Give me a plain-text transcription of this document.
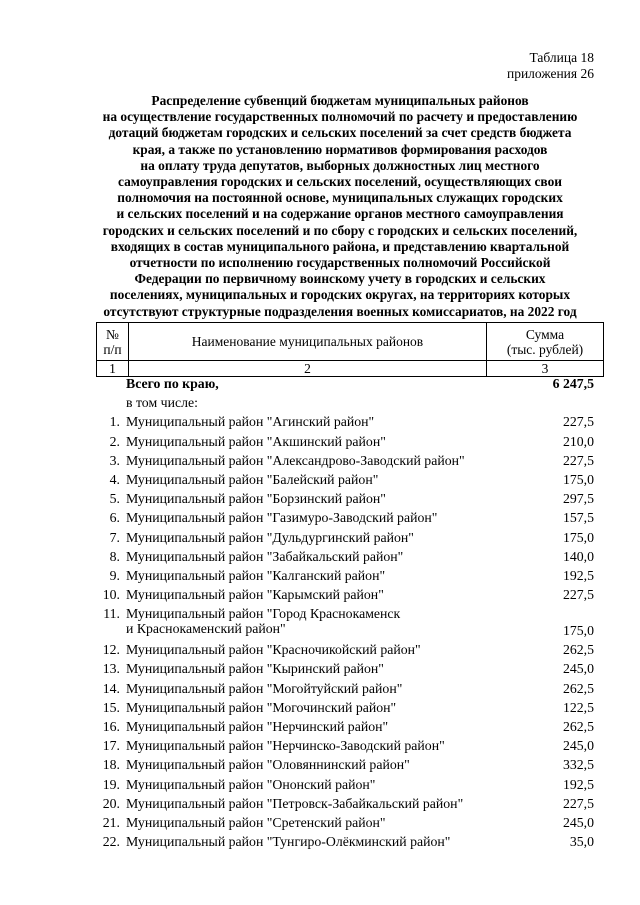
Таблица 18
приложения 26
Распределение субвенций бюджетам муниципальных районов
на осуществление государственных полномочий по расчету и предоставлению
дотаций бюджетам городских и сельских поселений за счет средств бюджета
края, а также по установлению нормативов формирования расходов
на оплату труда депутатов, выборных должностных лиц местного
самоуправления городских и сельских поселений, осуществляющих свои
полномочия на постоянной основе, муниципальных служащих городских
и сельских поселений и на содержание органов местного самоуправления
городских и сельских поселений и по сбору с городских и сельских поселений,
входящих в состав муниципального района, и представлению квартальной
отчетности по исполнению государственных полномочий Российской
Федерации по первичному воинскому учету в городских и сельских
поселениях, муниципальных и городских округах, на территориях которых
отсутствуют структурные подразделения военных комиссариатов, на 2022 год
№
п/п	Наименование муниципальных районов	Сумма
(тыс. рублей)
1	2	3
Всего по краю,	6 247,5
в том числе:
1. Муниципальный район "Агинский район"	227,5
2. Муниципальный район "Акшинский район"	210,0
3. Муниципальный район "Александрово-Заводский район"	227,5
4. Муниципальный район "Балейский район"	175,0
5. Муниципальный район "Борзинский район"	297,5
6. Муниципальный район "Газимуро-Заводский район"	157,5
7. Муниципальный район "Дульдургинский район"	175,0
8. Муниципальный район "Забайкальский район"	140,0
9. Муниципальный район "Калганский район"	192,5
10. Муниципальный район "Карымский район"	227,5
11. Муниципальный район "Город Краснокаменск
и Краснокаменский район"	175,0
12. Муниципальный район "Красночикойский район"	262,5
13. Муниципальный район "Кыринский район"	245,0
14. Муниципальный район "Могойтуйский район"	262,5
15. Муниципальный район "Могочинский район"	122,5
16. Муниципальный район "Нерчинский район"	262,5
17. Муниципальный район "Нерчинско-Заводский район"	245,0
18. Муниципальный район "Оловяннинский район"	332,5
19. Муниципальный район "Ононский район"	192,5
20. Муниципальный район "Петровск-Забайкальский район"	227,5
21. Муниципальный район "Сретенский район"	245,0
22. Муниципальный район "Тунгиро-Олёкминский район"	35,0
